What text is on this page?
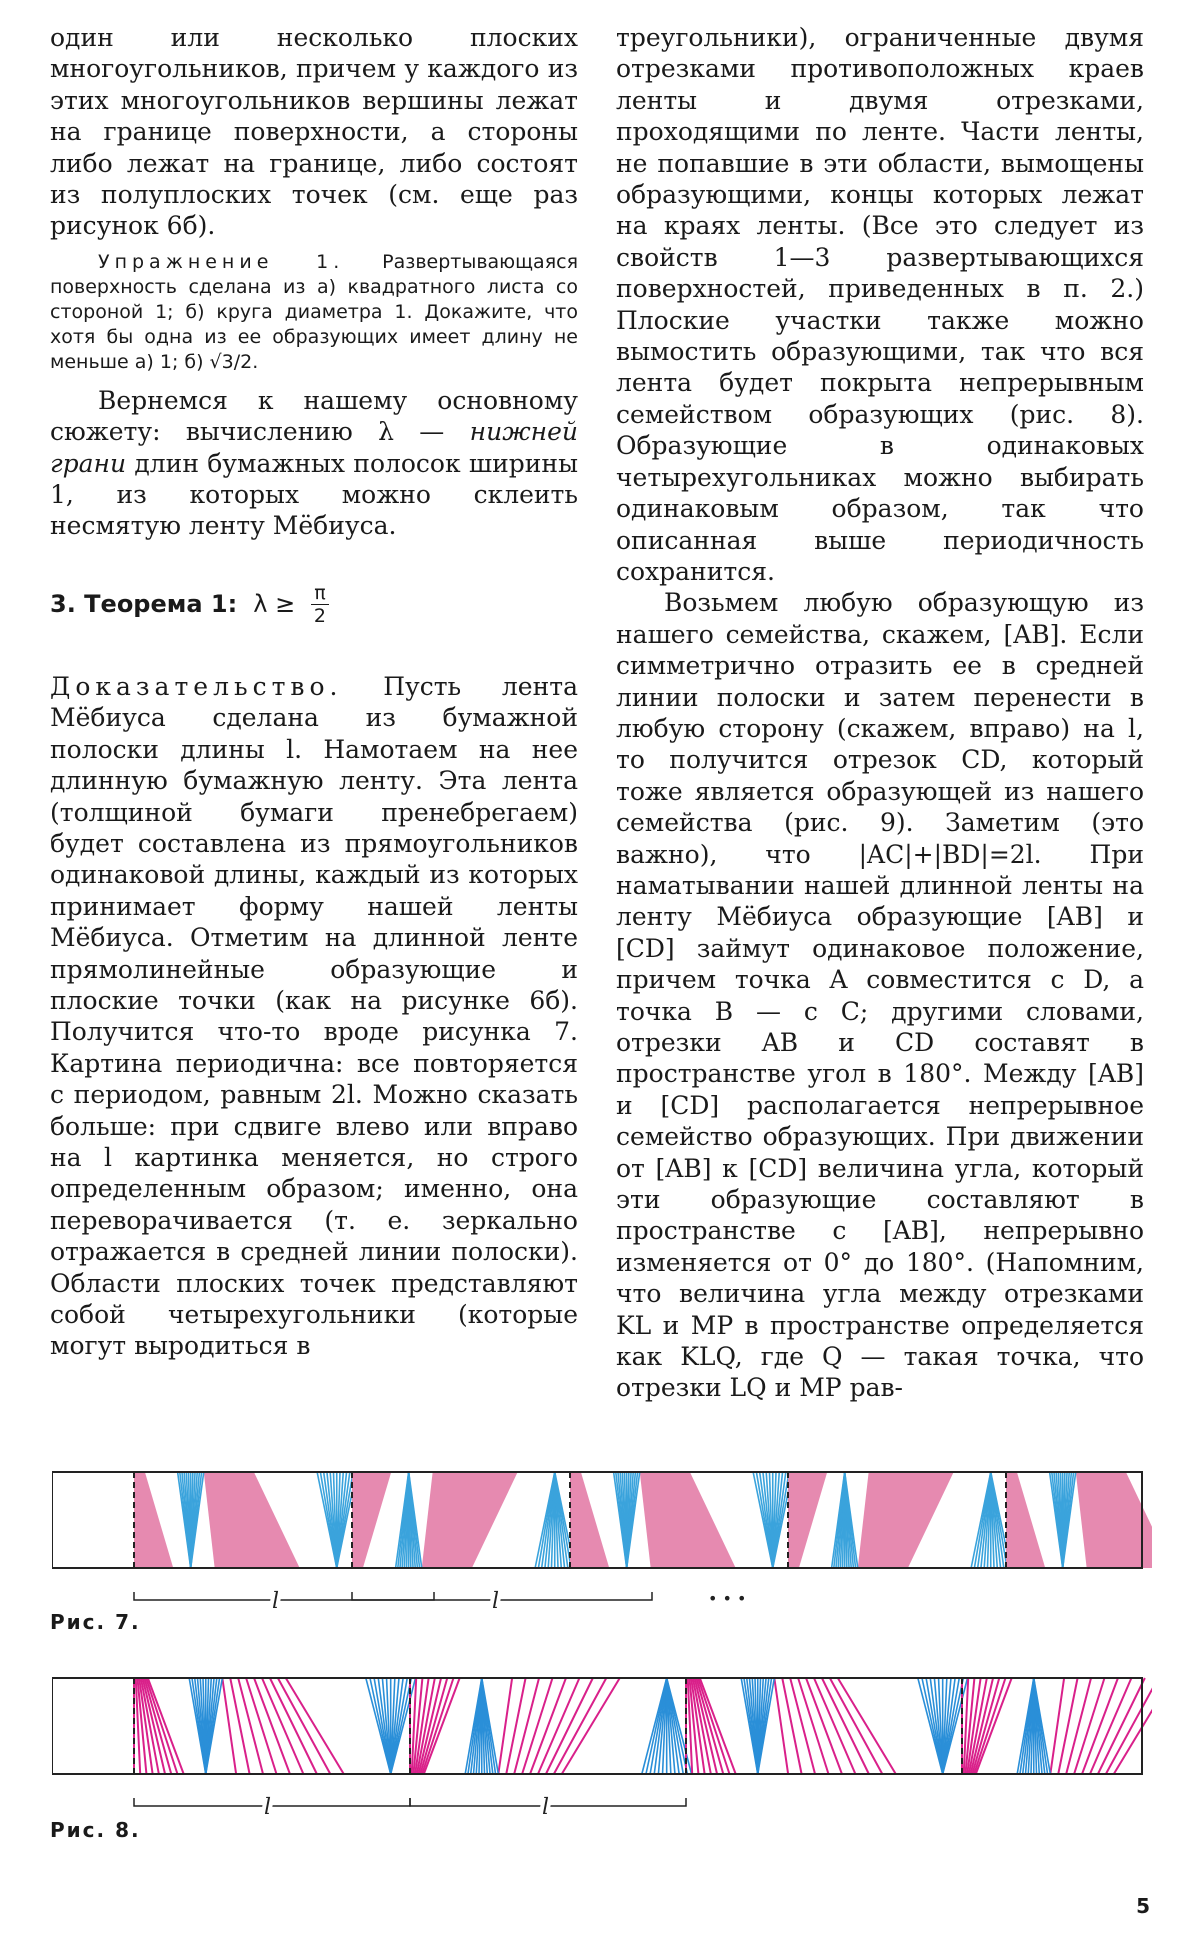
один или несколько плоских многоугольников, причем у каждого из этих многоугольников вершины лежат на границе поверхности, а стороны либо лежат на границе, либо состоят из полуплоских точек (см. еще раз рисунок 6б).

Упражнение 1. Развертывающаяся поверхность сделана из а) квадратного листа со стороной 1; б) круга диаметра 1. Докажите, что хотя бы одна из ее образующих имеет длину не меньше а) 1; б) √3/2.

Вернемся к нашему основному сюжету: вычислению λ — нижней грани длин бумажных полосок ширины 1, из которых можно склеить несмятую ленту Мёбиуса.

3. Теорема 1: $\lambda \ge \frac{\pi}{2}$

Доказательство. Пусть лента Мёбиуса сделана из бумажной полоски длины l. Намотаем на нее длинную бумажную ленту. Эта лента (толщиной бумаги пренебрегаем) будет составлена из прямоугольников одинаковой длины, каждый из которых принимает форму нашей ленты Мёбиуса. Отметим на длинной ленте прямолинейные образующие и плоские точки (как на рисунке 6б). Получится что-то вроде рисунка 7. Картина периодична: все повторяется с периодом, равным 2l. Можно сказать больше: при сдвиге влево или вправо на l картинка меняется, но строго определенным образом; именно, она переворачивается (т. е. зеркально отражается в средней линии полоски). Области плоских точек представляют собой четырехугольники (которые могут выродиться в

треугольники), ограниченные двумя отрезками противоположных краев ленты и двумя отрезками, проходящими по ленте. Части ленты, не попавшие в эти области, вымощены образующими, концы которых лежат на краях ленты. (Все это следует из свойств 1—3 развертывающихся поверхностей, приведенных в п. 2.) Плоские участки также можно вымостить образующими, так что вся лента будет покрыта непрерывным семейством образующих (рис. 8). Образующие в одинаковых четырехугольниках можно выбирать одинаковым образом, так что описанная выше периодичность сохранится.

Возьмем любую образующую из нашего семейства, скажем, [AB]. Если симметрично отразить ее в средней линии полоски и затем перенести в любую сторону (скажем, вправо) на l, то получится отрезок CD, который тоже является образующей из нашего семейства (рис. 9). Заметим (это важно), что |AC|+|BD|=2l. При наматывании нашей длинной ленты на ленту Мёбиуса образующие [AB] и [CD] займут одинаковое положение, причем точка A совместится с D, а точка B — с C; другими словами, отрезки AB и CD составят в пространстве угол в 180°. Между [AB] и [CD] располагается непрерывное семейство образующих. При движении от [AB] к [CD] величина угла, который эти образующие составляют в пространстве с [AB], непрерывно изменяется от 0° до 180°. (Напомним, что величина угла между отрезками KL и MP в пространстве определяется как KLQ, где Q — такая точка, что отрезки LQ и MP рав-

l	l	• • •
Рис. 7.
l	l
Рис. 8.
5
